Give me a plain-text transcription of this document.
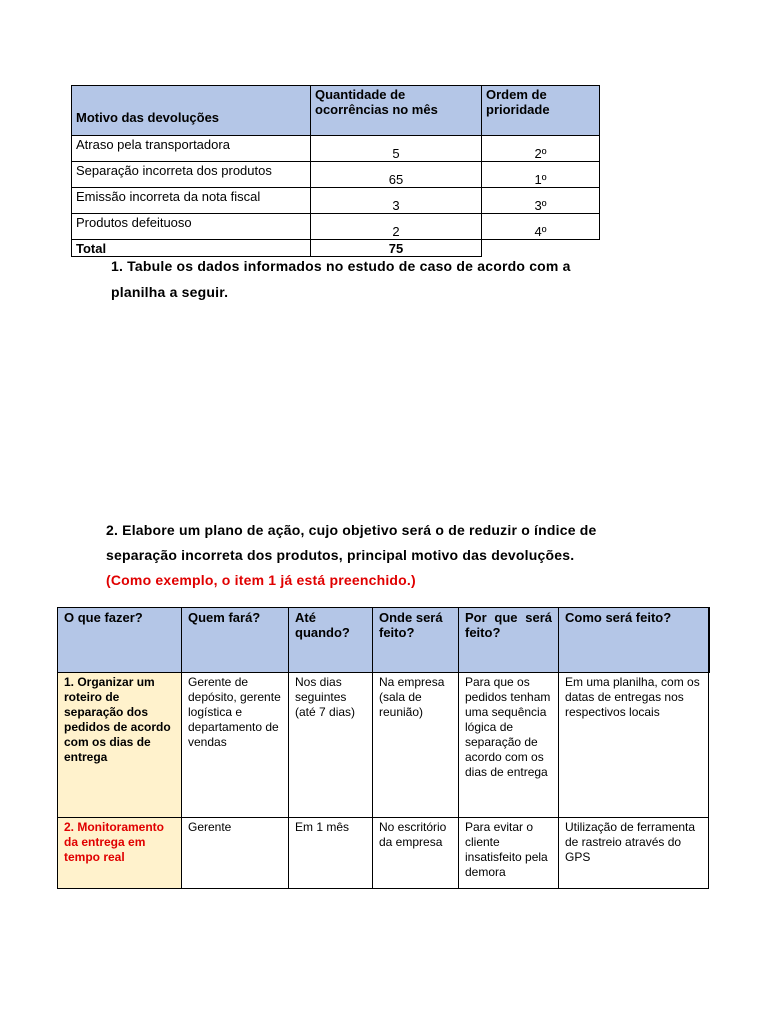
Motivo das devoluções	Quantidade de ocorrências no mês	Ordem de prioridade
Atraso pela transportadora	5	2º
Separação incorreta dos produtos	65	1º
Emissão incorreta da nota fiscal	3	3º
Produtos defeituoso	2	4º
Total	75	
1. Tabule os dados informados no estudo de caso de acordo com a
planilha a seguir.
2. Elabore um plano de ação, cujo objetivo será o de reduzir o índice de
separação incorreta dos produtos, principal motivo das devoluções.
(Como exemplo, o item 1 já está preenchido.)
O que fazer?	Quem fará?	Até quando?	Onde será feito?	Por que será feito?	Como será feito?
1. Organizar um roteiro de separação dos pedidos de acordo com os dias de entrega	Gerente de depósito, gerente logística e departamento de vendas	Nos dias seguintes (até 7 dias)	Na empresa (sala de reunião)	Para que os pedidos tenham uma sequência lógica de separação de acordo com os dias de entrega	Em uma planilha, com os datas de entregas nos respectivos locais
2. Monitoramento da entrega em tempo real	Gerente	Em 1 mês	No escritório da empresa	Para evitar o cliente insatisfeito pela demora	Utilização de ferramenta de rastreio através do GPS
